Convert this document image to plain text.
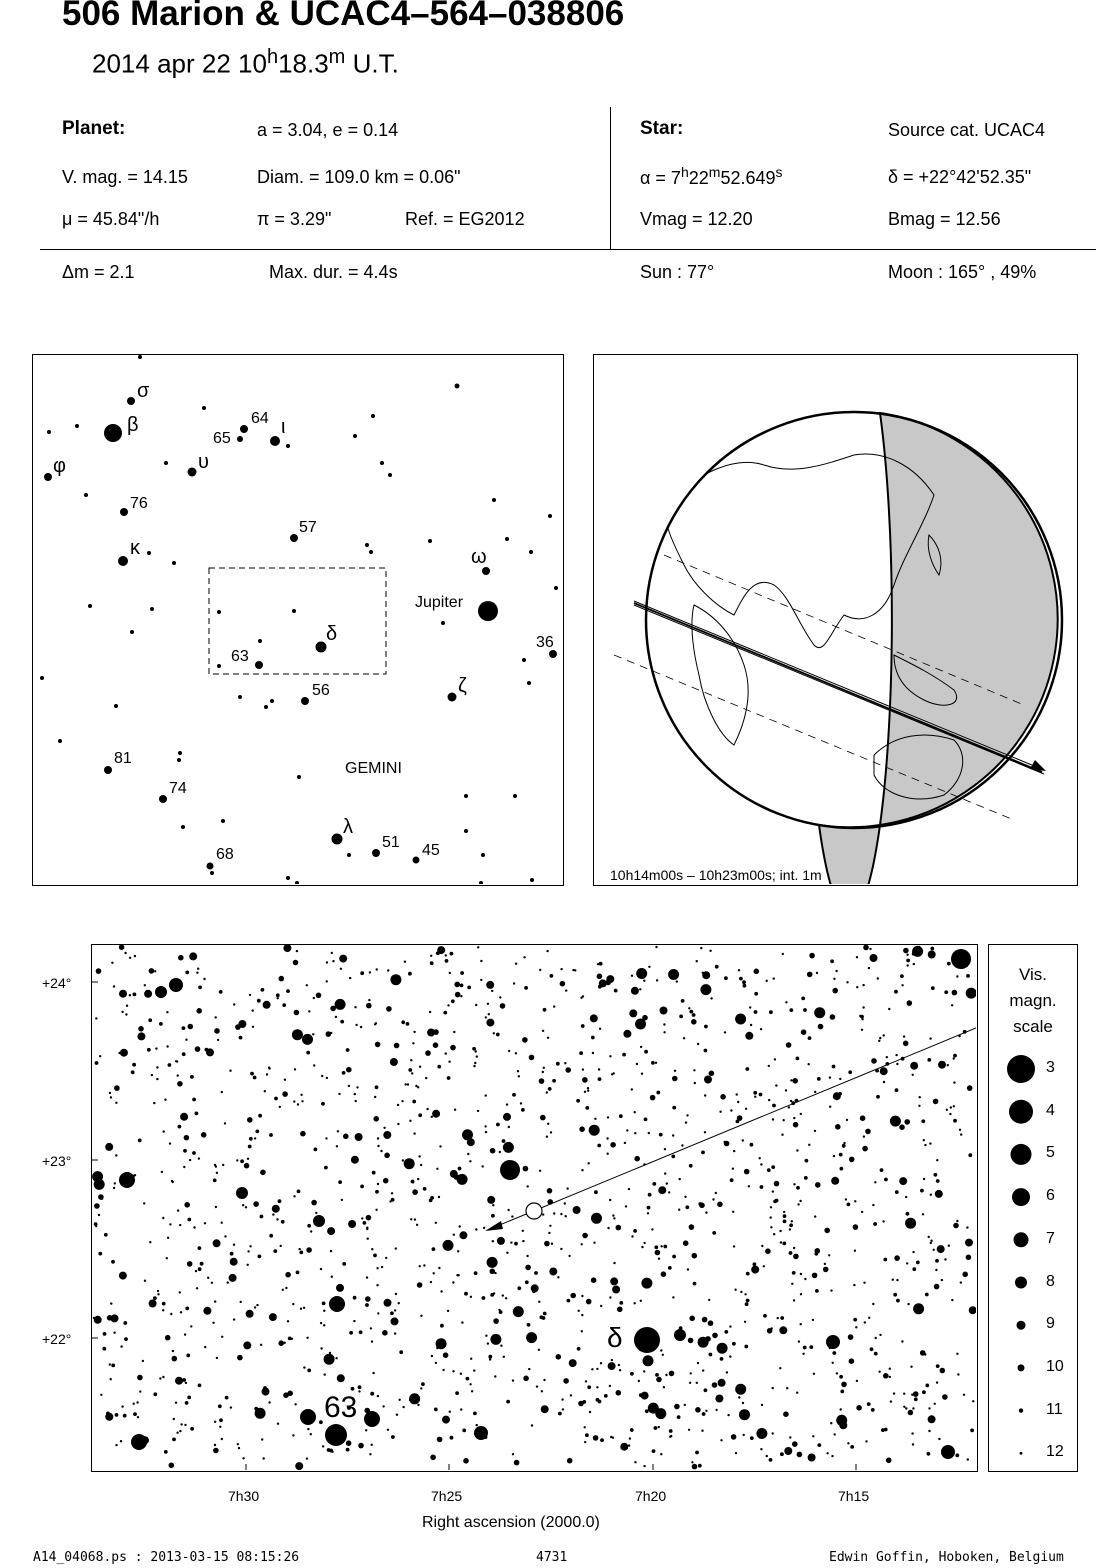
506 Marion & UCAC4–564–038806
2014 apr 22 10$^h$18.3$^m$ U.T.
Planet:	a = 3.04, e = 0.14
V. mag. = 14.15	Diam. = 109.0 km = 0.06"
μ = 45.84"/h	π = 3.29"	Ref. = EG2012
Star:	Source cat. UCAC4
$\alpha = 7^h22^m52.649^s$	δ = +22°42'52.35"
Vmag = 12.20	Bmag = 12.56
Δm = 2.1	Max. dur. = 4.4s	Sun : 77°	Moon : 165° , 49%
σ
β
φ
64
65
ι
υ
76
57
κ	ω
36
δ
63
56	ζ
81
74
λ
51 45
68
Jupiter
GEMINI
10h14m00s – 10h23m00s; int. 1m
+24°
+23°
+22°
63
δ
7h30	7h25	7h20	7h15
Right ascension (2000.0)
Vis.
magn.
scale
3
4
5
6
7
8
9
10
11
12
A14_04068.ps : 2013-03-15 08:15:26	4731	Edwin Goffin, Hoboken, Belgium
